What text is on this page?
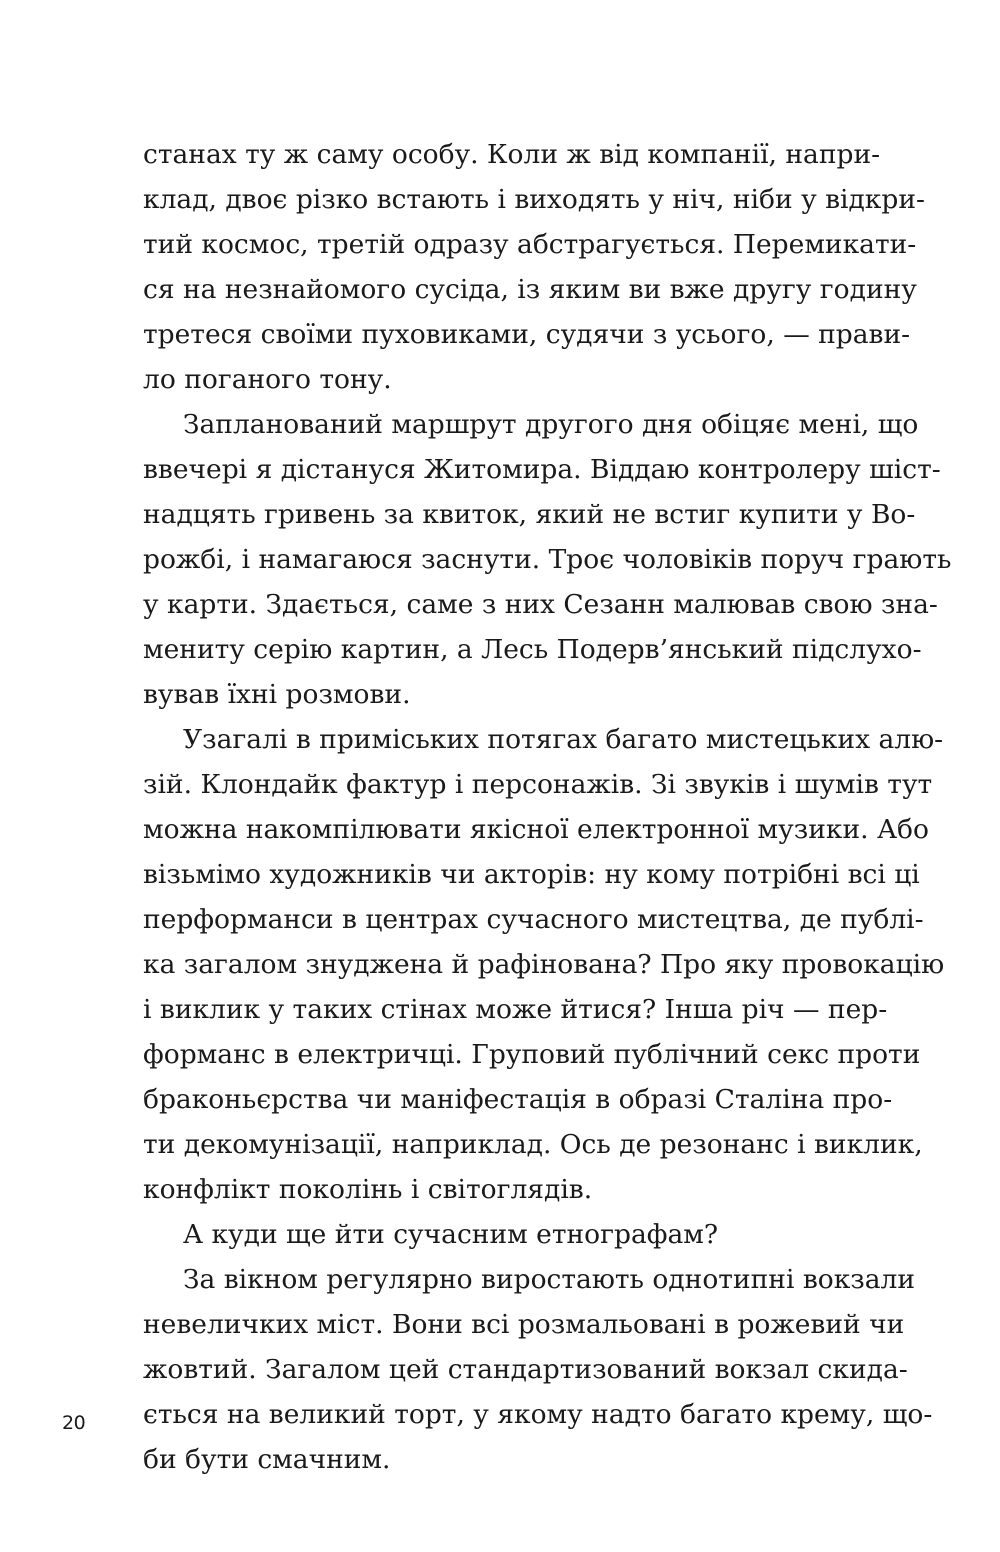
станах ту ж саму особу. Коли ж від компанії, напри-
клад, двоє різко встають і виходять у ніч, ніби у відкри-
тий космос, третій одразу абстрагується. Перемикати-
ся на незнайомого сусіда, із яким ви вже другу годину
третеся своїми пуховиками, судячи з усього, — прави-
ло поганого тону.
Запланований маршрут другого дня обіцяє мені, що
ввечері я дістануся Житомира. Віддаю контролеру шіст-
надцять гривень за квиток, який не встиг купити у Во-
рожбі, і намагаюся заснути. Троє чоловіків поруч грають
у карти. Здається, саме з них Сезанн малював свою зна-
мениту серію картин, а Лесь Подерв’янський підслухо-
вував їхні розмови.
Узагалі в приміських потягах багато мистецьких алю-
зій. Клондайк фактур і персонажів. Зі звуків і шумів тут
можна накомпілювати якісної електронної музики. Або
візьмімо художників чи акторів: ну кому потрібні всі ці
перформанси в центрах сучасного мистецтва, де публі-
ка загалом знуджена й рафінована? Про яку провокацію
і виклик у таких стінах може йтися? Інша річ — пер-
форманс в електричці. Груповий публічний секс проти
браконьєрства чи маніфестація в образі Сталіна про-
ти декомунізації, наприклад. Ось де резонанс і виклик,
конфлікт поколінь і світоглядів.
А куди ще йти сучасним етнографам?
За вікном регулярно виростають однотипні вокзали
невеличких міст. Вони всі розмальовані в рожевий чи
жовтий. Загалом цей стандартизований вокзал скида-
ється на великий торт, у якому надто багато крему, що-
би бути смачним.
20
